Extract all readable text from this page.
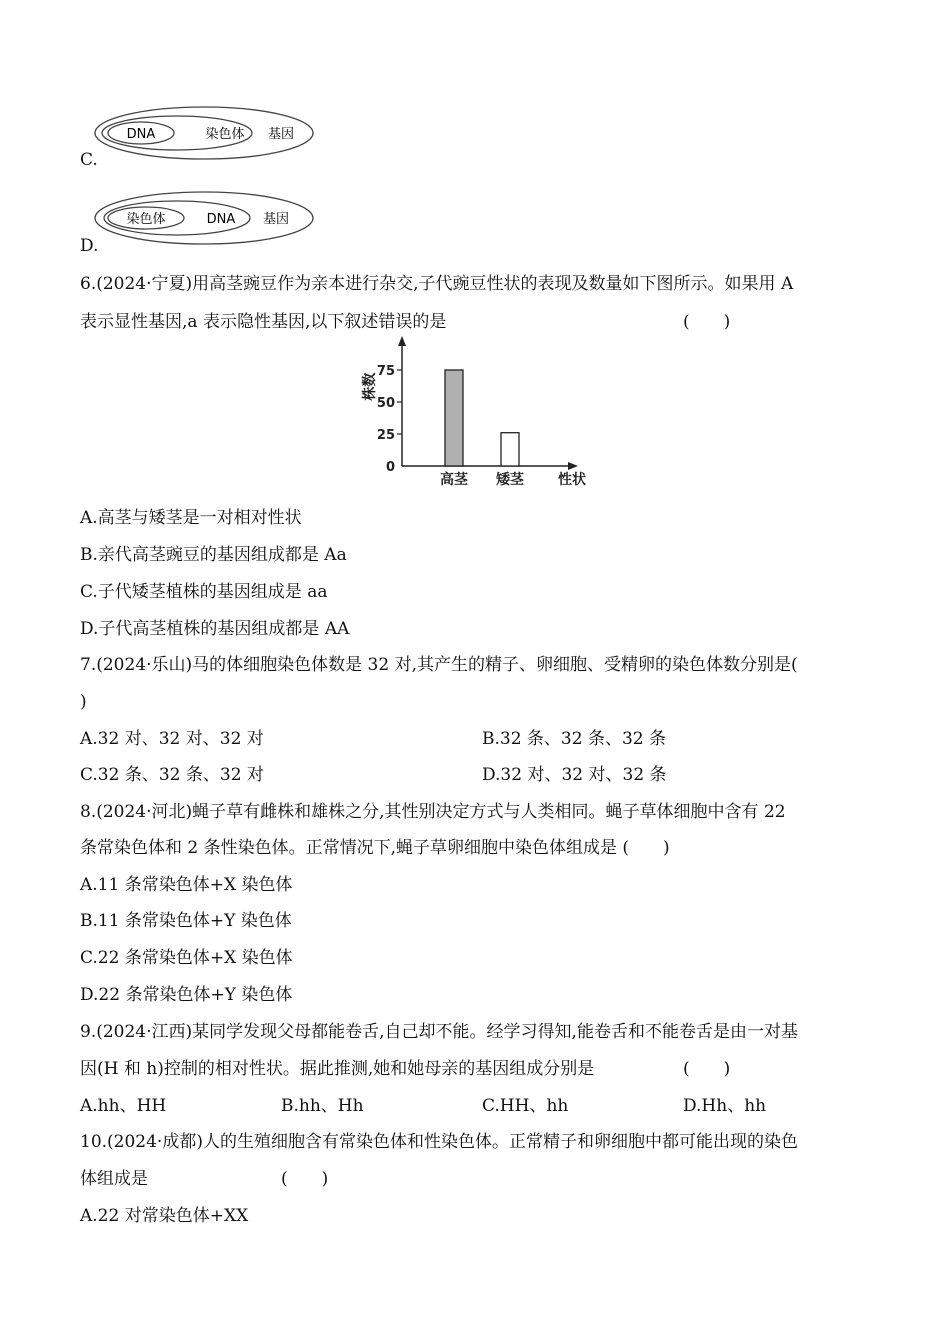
DNA	染色体 基因
C.
染色体	DNA 基因
D.
6.(2024·宁夏)用高茎豌豆作为亲本进行杂交,子代豌豆性状的表现及数量如下图所示。如果用 A
表示显性基因,a 表示隐性基因,以下叙述错误的是	(　　)
0
25
50
75
株数
高茎 矮茎 性状
A.高茎与矮茎是一对相对性状
B.亲代高茎豌豆的基因组成都是 Aa
C.子代矮茎植株的基因组成是 aa
D.子代高茎植株的基因组成都是 AA
7.(2024·乐山)马的体细胞染色体数是 32 对,其产生的精子、卵细胞、受精卵的染色体数分别是(
)
A.32 对、32 对、32 对	B.32 条、32 条、32 条
C.32 条、32 条、32 对	D.32 对、32 对、32 条
8.(2024·河北)蝇子草有雌株和雄株之分,其性别决定方式与人类相同。蝇子草体细胞中含有 22
条常染色体和 2 条性染色体。正常情况下,蝇子草卵细胞中染色体组成是 (　　)
A.11 条常染色体+X 染色体
B.11 条常染色体+Y 染色体
C.22 条常染色体+X 染色体
D.22 条常染色体+Y 染色体
9.(2024·江西)某同学发现父母都能卷舌,自己却不能。经学习得知,能卷舌和不能卷舌是由一对基
因(H 和 h)控制的相对性状。据此推测,她和她母亲的基因组成分别是	(　　)
A.hh、HH	B.hh、Hh	C.HH、hh	D.Hh、hh
10.(2024·成都)人的生殖细胞含有常染色体和性染色体。正常精子和卵细胞中都可能出现的染色
体组成是	(　　)
A.22 对常染色体+XX
